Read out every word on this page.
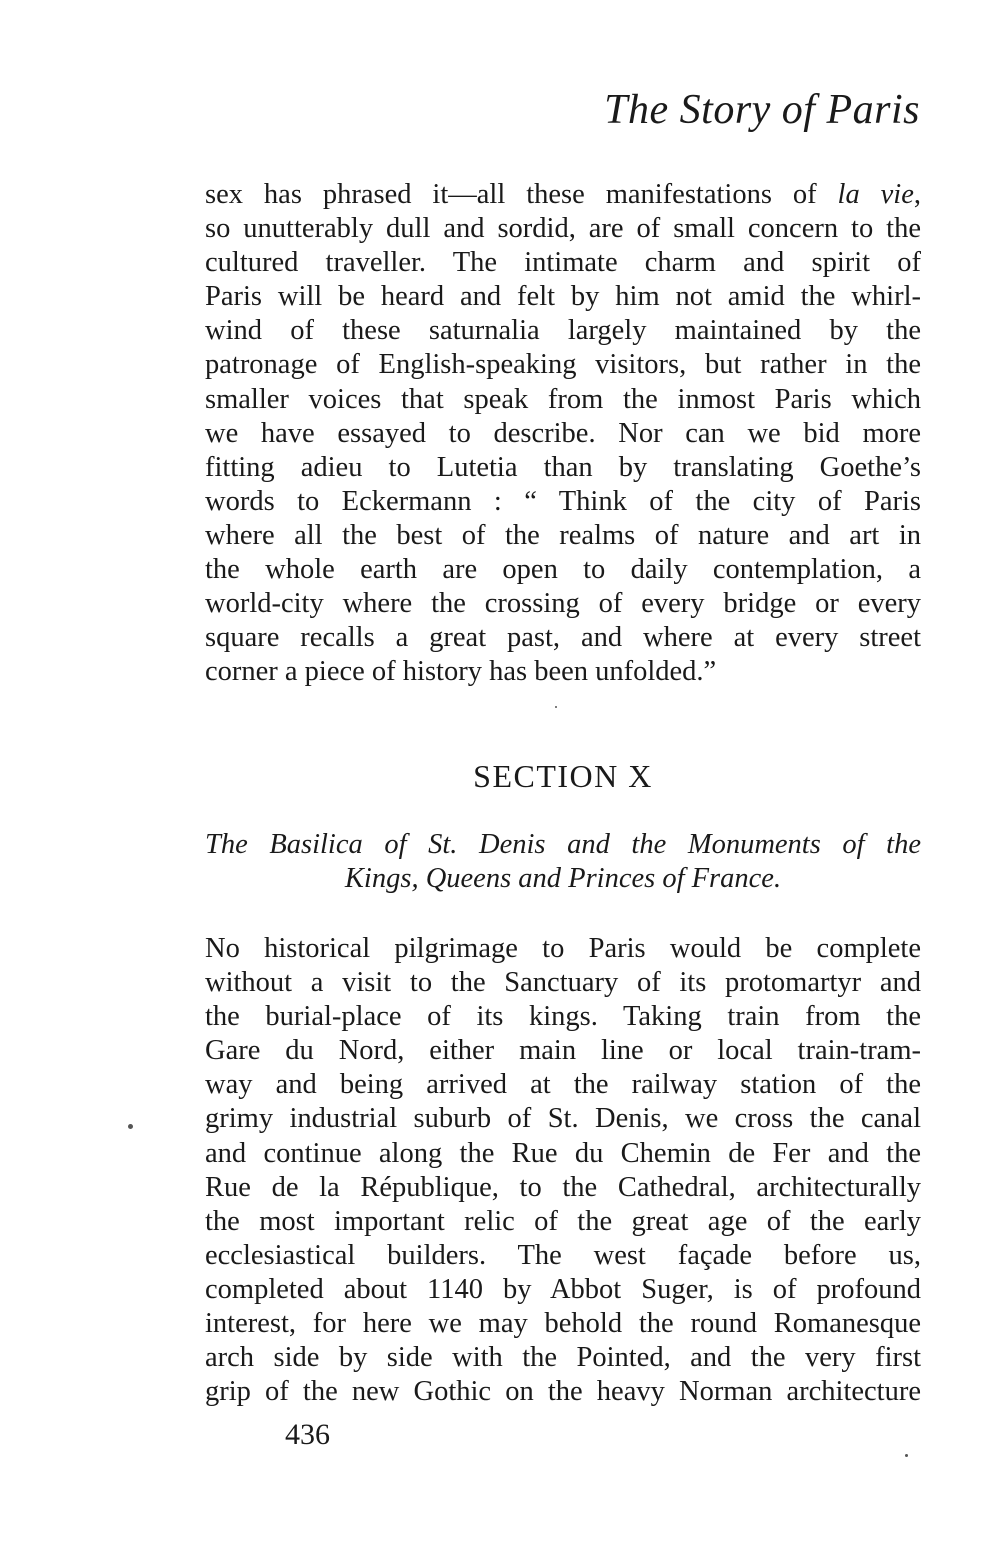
The Story of Paris
sex has phrased it—all these manifestations of la vie,
so unutterably dull and sordid, are of small concern to the
cultured traveller. The intimate charm and spirit of
Paris will be heard and felt by him not amid the whirl-
wind of these saturnalia largely maintained by the
patronage of English-speaking visitors, but rather in the
smaller voices that speak from the inmost Paris which
we have essayed to describe. Nor can we bid more
fitting adieu to Lutetia than by translating Goethe’s
words to Eckermann : “ Think of the city of Paris
where all the best of the realms of nature and art in
the whole earth are open to daily contemplation, a
world-city where the crossing of every bridge or every
square recalls a great past, and where at every street
corner a piece of history has been unfolded.”
SECTION X
The Basilica of St. Denis and the Monuments of the
Kings, Queens and Princes of France.
No historical pilgrimage to Paris would be complete
without a visit to the Sanctuary of its protomartyr and
the burial-place of its kings. Taking train from the
Gare du Nord, either main line or local train-tram-
way and being arrived at the railway station of the
grimy industrial suburb of St. Denis, we cross the canal
and continue along the Rue du Chemin de Fer and the
Rue de la République, to the Cathedral, architecturally
the most important relic of the great age of the early
ecclesiastical builders. The west façade before us,
completed about 1140 by Abbot Suger, is of profound
interest, for here we may behold the round Romanesque
arch side by side with the Pointed, and the very first
grip of the new Gothic on the heavy Norman architecture
436
